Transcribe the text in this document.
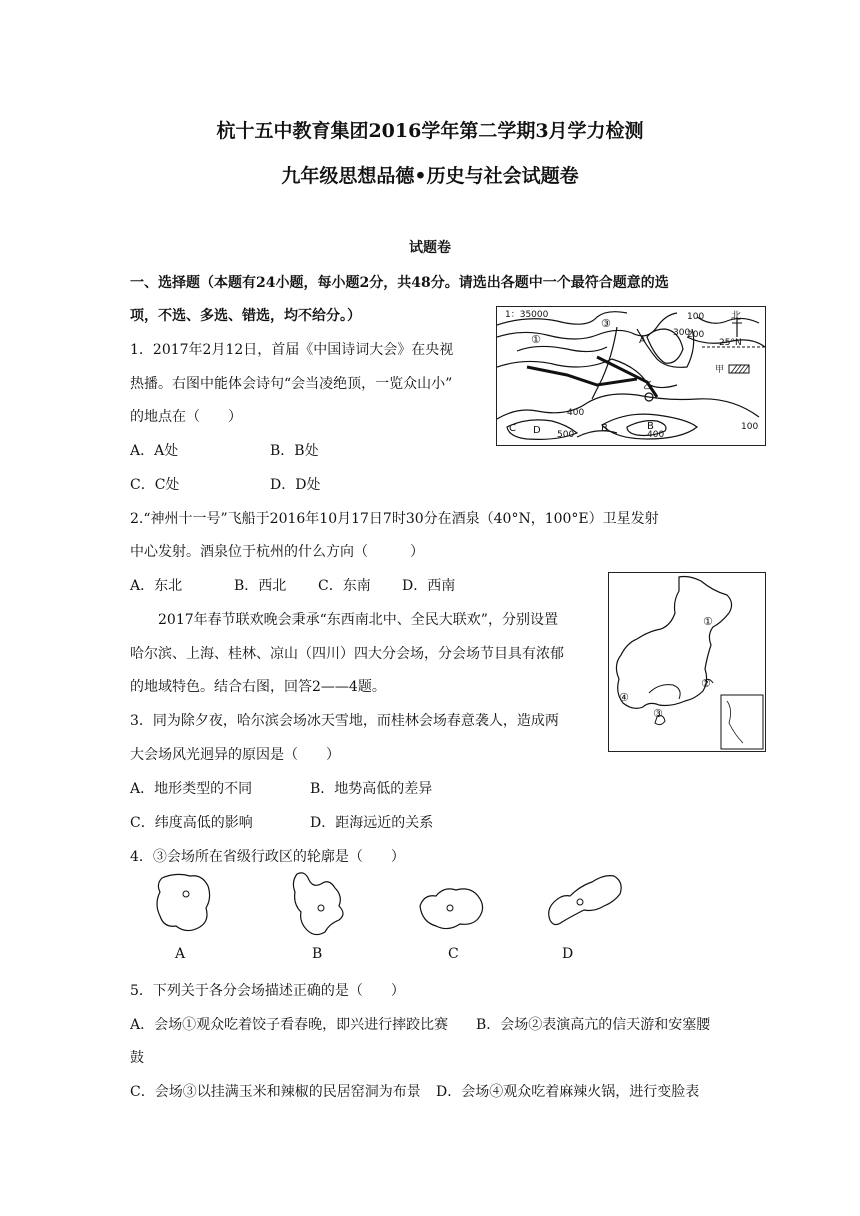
杭十五中教育集团2016学年第二学期3月学力检测
九年级思想品德•历史与社会试题卷
试题卷
一、选择题（本题有24小题，每小题2分，共48分。请选出各题中一个最符合题意的选
项，不选、多选、错选，均不给分。）
1．2017年2月12日，首届《中国诗词大会》在央视
热播。右图中能体会诗句“会当凌绝顶，一览众山小”
的地点在（　　）
A．A处	B．B处
C．C处	D．D处
1：35000	北
25°N
甲
200
300
100
100
400
400
500
A
B	B
C D
乙
①
③
2.“神州十一号”飞船于2016年10月17日7时30分在酒泉（40°N，100°E）卫星发射
中心发射。酒泉位于杭州的什么方向（　　　）
A．东北	B．西北 C．东南 D．西南
2017年春节联欢晚会秉承“东西南北中、全民大联欢”，分别设置
哈尔滨、上海、桂林、凉山（四川）四大分会场，分会场节目具有浓郁
的地域特色。结合右图，回答2——4题。
①
②
③
④
3．同为除夕夜，哈尔滨会场冰天雪地，而桂林会场春意袭人，造成两
大会场风光迥异的原因是（　　）
A．地形类型的不同	B．地势高低的差异
C．纬度高低的影响	D．距海远近的关系
4．③会场所在省级行政区的轮廓是（　　）
A	B	C	D
5．下列关于各分会场描述正确的是（　　）
A．会场①观众吃着饺子看春晚，即兴进行摔跤比赛 B．会场②表演高亢的信天游和安塞腰
鼓
C．会场③以挂满玉米和辣椒的民居窑洞为布景 D．会场④观众吃着麻辣火锅，进行变脸表
